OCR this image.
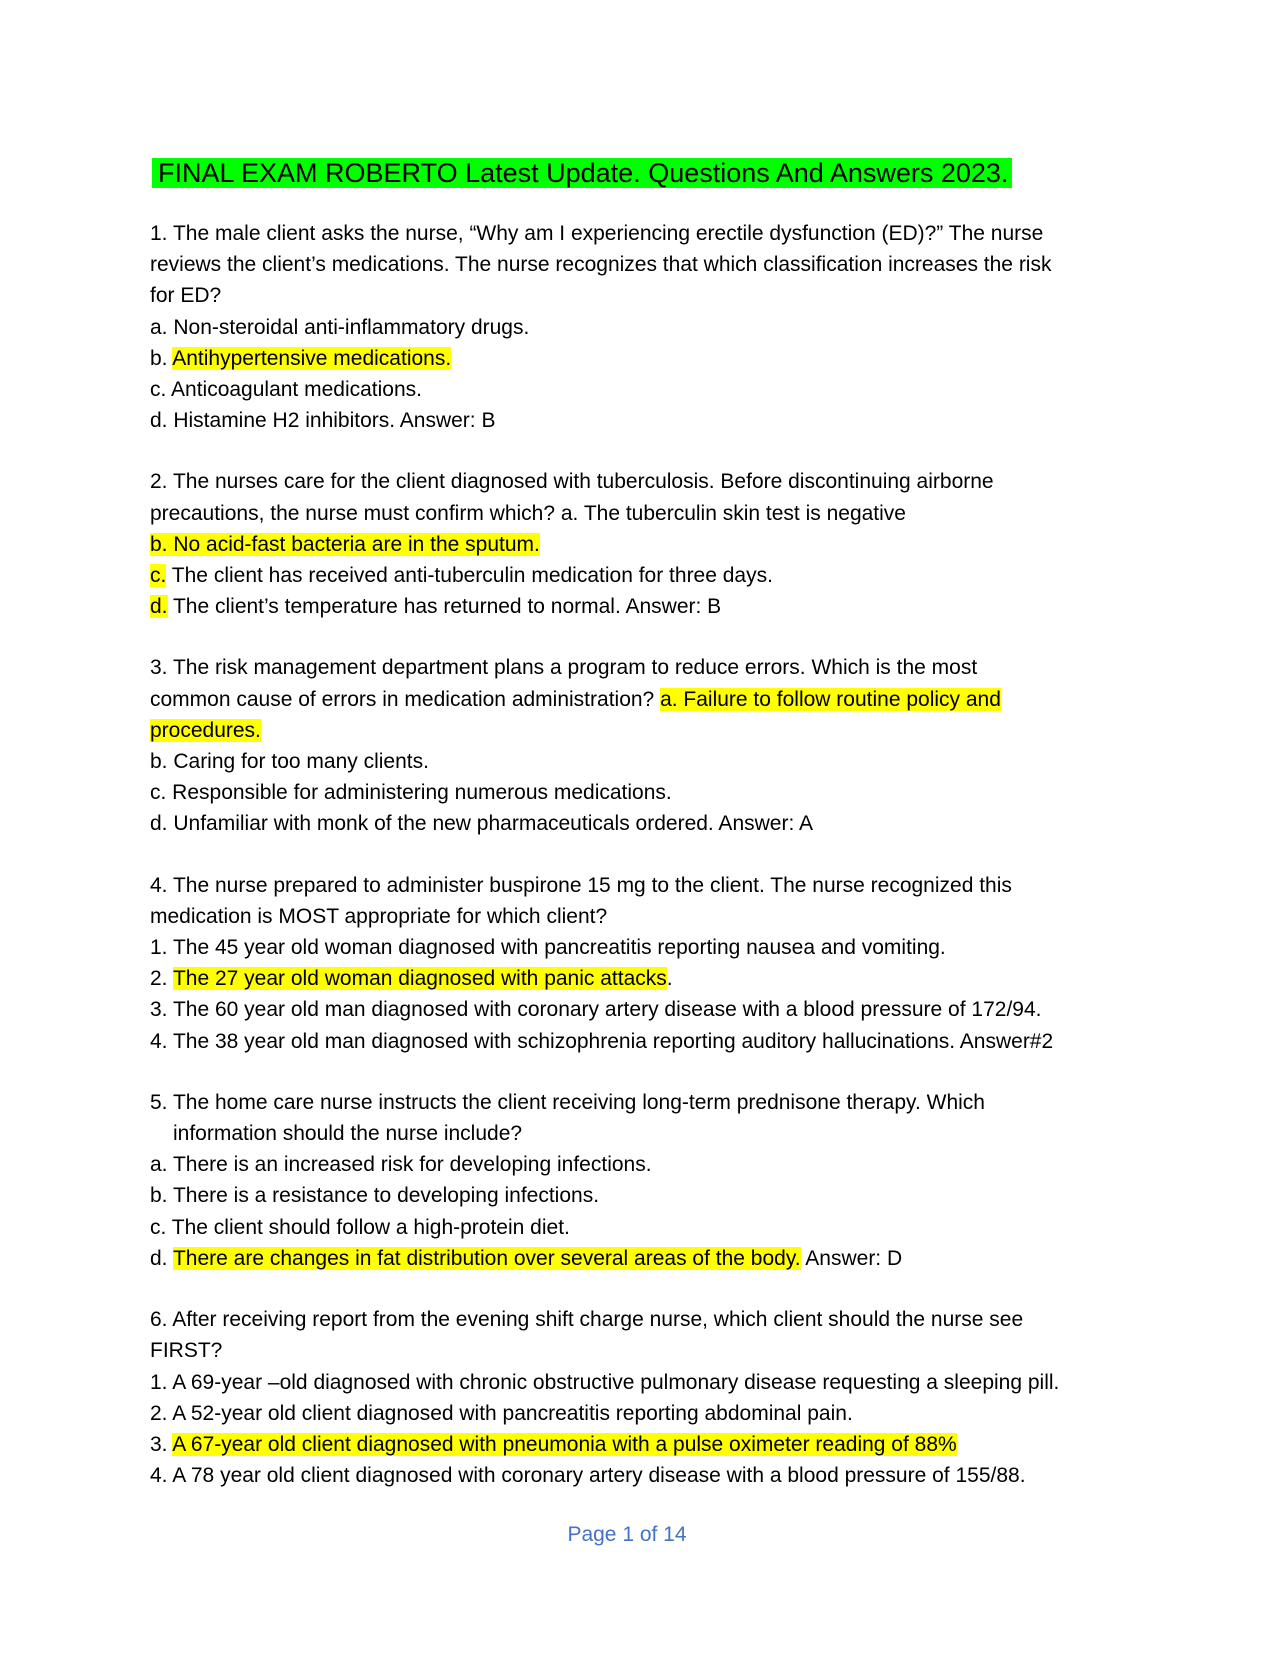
FINAL EXAM ROBERTO Latest Update. Questions And Answers 2023.
1. The male client asks the nurse, “Why am I experiencing erectile dysfunction (ED)?” The nurse
reviews the client’s medications. The nurse recognizes that which classification increases the risk
for ED?
a. Non-steroidal anti-inflammatory drugs.
b. Antihypertensive medications.
c. Anticoagulant medications.
d. Histamine H2 inhibitors. Answer: B
2. The nurses care for the client diagnosed with tuberculosis. Before discontinuing airborne
precautions, the nurse must confirm which? a. The tuberculin skin test is negative
b. No acid-fast bacteria are in the sputum.
c. The client has received anti-tuberculin medication for three days.
d. The client’s temperature has returned to normal. Answer: B
3. The risk management department plans a program to reduce errors. Which is the most
common cause of errors in medication administration? a. Failure to follow routine policy and
procedures.
b. Caring for too many clients.
c. Responsible for administering numerous medications.
d. Unfamiliar with monk of the new pharmaceuticals ordered. Answer: A
4. The nurse prepared to administer buspirone 15 mg to the client. The nurse recognized this
medication is MOST appropriate for which client?
1. The 45 year old woman diagnosed with pancreatitis reporting nausea and vomiting.
2. The 27 year old woman diagnosed with panic attacks.
3. The 60 year old man diagnosed with coronary artery disease with a blood pressure of 172/94.
4. The 38 year old man diagnosed with schizophrenia reporting auditory hallucinations. Answer#2
5. The home care nurse instructs the client receiving long-term prednisone therapy. Which
information should the nurse include?
a. There is an increased risk for developing infections.
b. There is a resistance to developing infections.
c. The client should follow a high-protein diet.
d. There are changes in fat distribution over several areas of the body. Answer: D
6. After receiving report from the evening shift charge nurse, which client should the nurse see
FIRST?
1. A 69-year –old diagnosed with chronic obstructive pulmonary disease requesting a sleeping pill.
2. A 52-year old client diagnosed with pancreatitis reporting abdominal pain.
3. A 67-year old client diagnosed with pneumonia with a pulse oximeter reading of 88%
4. A 78 year old client diagnosed with coronary artery disease with a blood pressure of 155/88.
Page 1 of 14
